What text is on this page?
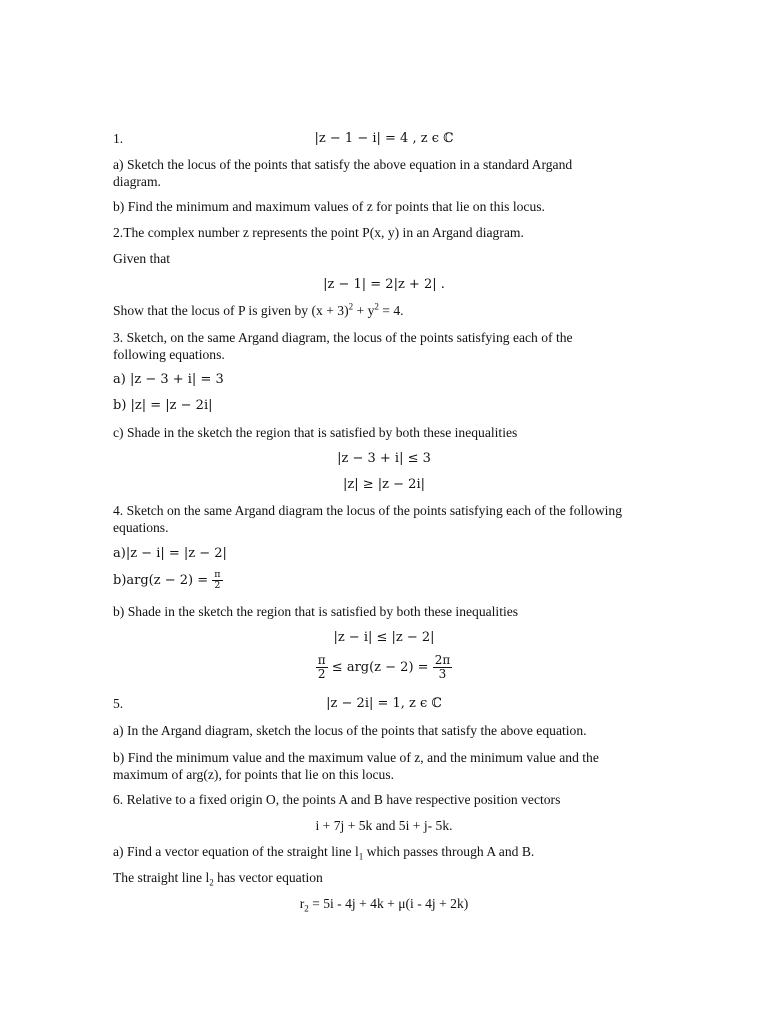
1.	|z − 1 − i| = 4 , z ϵ ℂ
a) Sketch the locus of the points that satisfy the above equation in a standard Argand diagram.
b) Find the minimum and maximum values of z for points that lie on this locus.
2.The complex number z represents the point P(x, y) in an Argand diagram.
Given that
|z − 1| = 2|z + 2| .
Show that the locus of P is given by $(x + 3)^2 + y^2 = 4$.
3. Sketch, on the same Argand diagram, the locus of the points satisfying each of the following equations.
a) |z − 3 + i| = 3
b) |z| = |z − 2i|
c) Shade in the sketch the region that is satisfied by both these inequalities
|z − 3 + i| ≤ 3
|z| ≥ |z − 2i|
4. Sketch on the same Argand diagram the locus of the points satisfying each of the following equations.
a)|z − i| = |z − 2|
$b)arg(z - 2) = \frac{\pi}{2}$
b) Shade in the sketch the region that is satisfied by both these inequalities
|z − i| ≤ |z − 2|
$\frac{\pi}{2} \le arg(z - 2) = \frac{2\pi}{3}$
5.	|z − 2i| = 1, z ϵ ℂ
a) In the Argand diagram, sketch the locus of the points that satisfy the above equation.
b) Find the minimum value and the maximum value of z, and the minimum value and the maximum of arg(z), for points that lie on this locus.
6. Relative to a fixed origin O, the points A and B have respective position vectors
i + 7j + 5k and 5i + j- 5k.
a) Find a vector equation of the straight line $l_1$ which passes through A and B.
The straight line $l_2$ has vector equation
$r_2 = 5i - 4j + 4k + \mu(i - 4j + 2k)$
